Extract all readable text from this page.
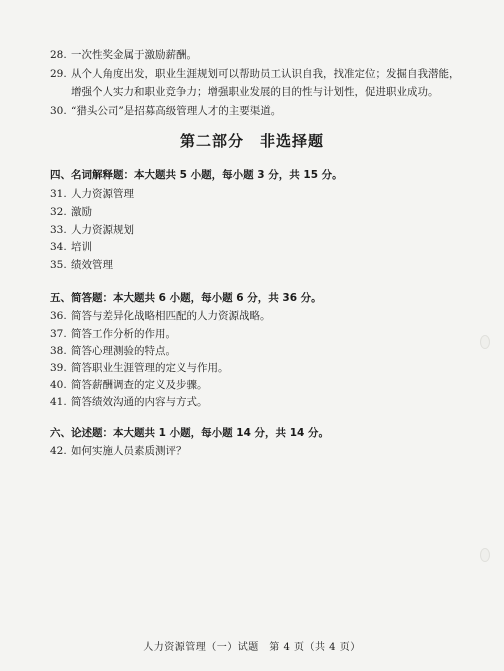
28. 一次性奖金属于激励薪酬。
29. 从个人角度出发，职业生涯规划可以帮助员工认识自我，找准定位；发掘自我潜能，
增强个人实力和职业竞争力；增强职业发展的目的性与计划性，促进职业成功。
30. “猎头公司”是招募高级管理人才的主要渠道。
第二部分　非选择题
四、名词解释题：本大题共 5 小题，每小题 3 分，共 15 分。
31. 人力资源管理
32. 激励
33. 人力资源规划
34. 培训
35. 绩效管理
五、简答题：本大题共 6 小题，每小题 6 分，共 36 分。
36. 简答与差异化战略相匹配的人力资源战略。
37. 简答工作分析的作用。
38. 简答心理测验的特点。
39. 简答职业生涯管理的定义与作用。
40. 简答薪酬调查的定义及步骤。
41. 简答绩效沟通的内容与方式。
六、论述题：本大题共 1 小题，每小题 14 分，共 14 分。
42. 如何实施人员素质测评？
人力资源管理（一）试题　第 4 页（共 4 页）
